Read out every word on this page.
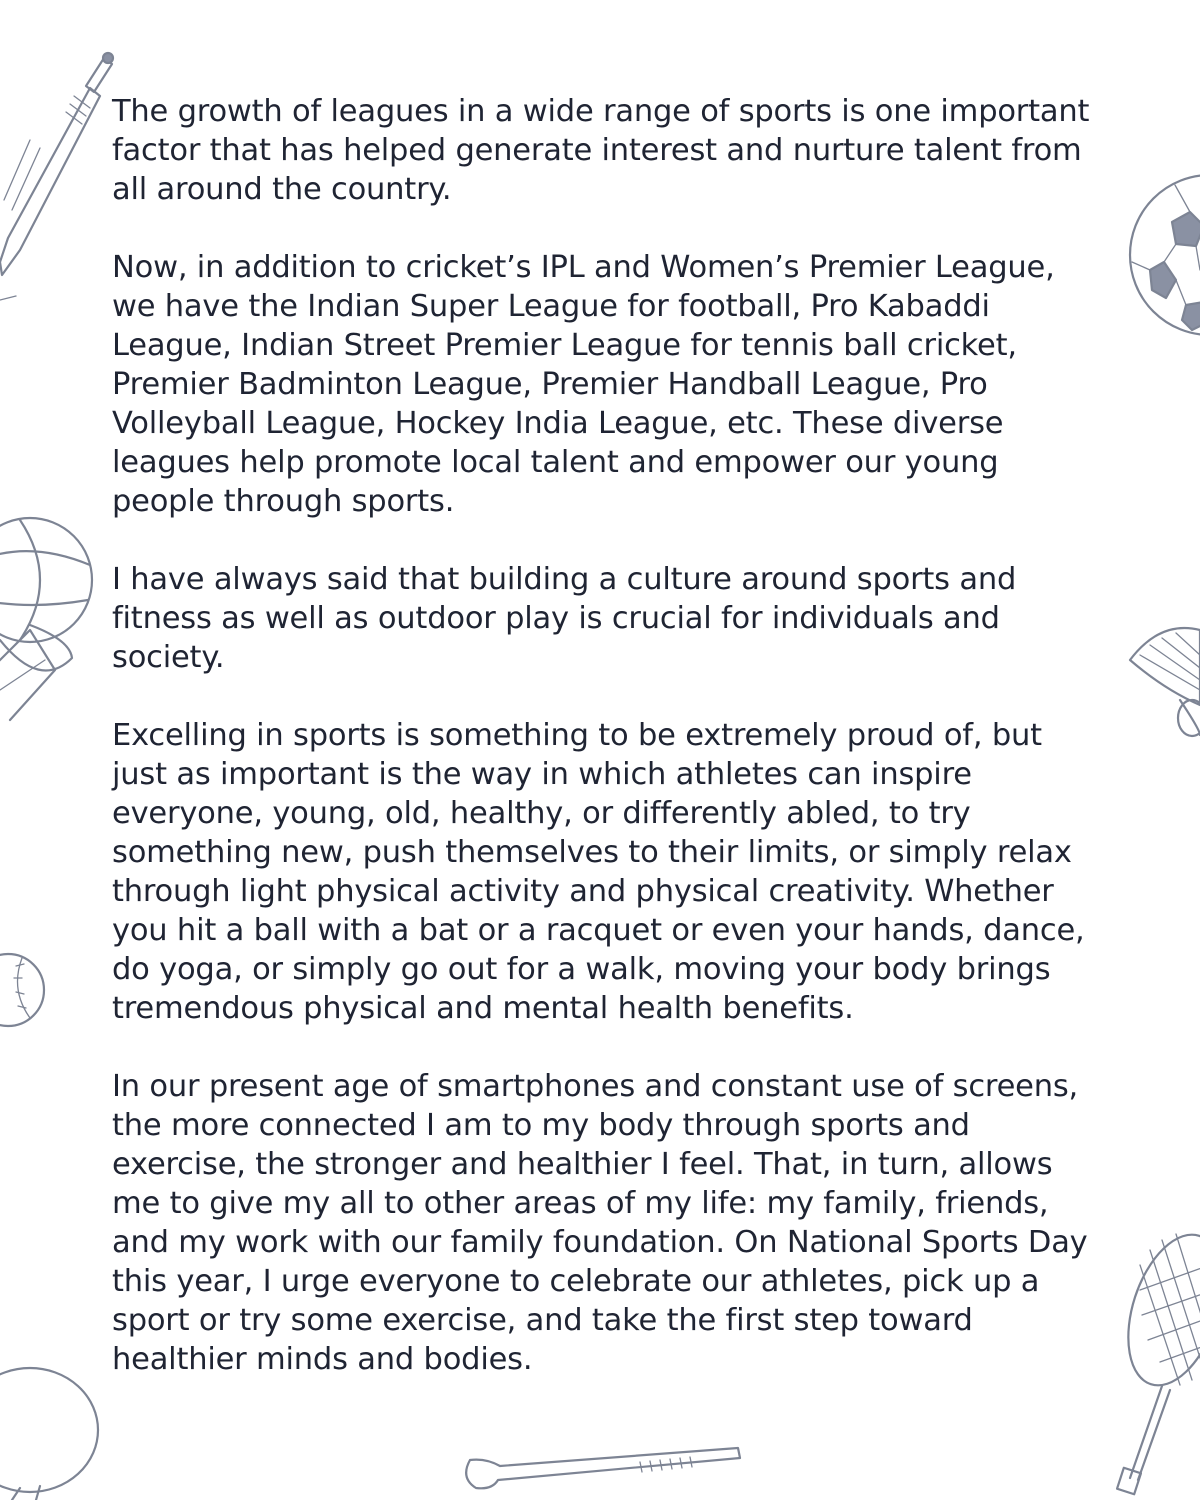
The growth of leagues in a wide range of sports is one important factor that has helped generate interest and nurture talent from all around the country.

Now, in addition to cricket’s IPL and Women’s Premier League, we have the Indian Super League for football, Pro Kabaddi League, Indian Street Premier League for tennis ball cricket, Premier Badminton League, Premier Handball League, Pro Volleyball League, Hockey India League, etc. These diverse leagues help promote local talent and empower our young people through sports.

I have always said that building a culture around sports and fitness as well as outdoor play is crucial for individuals and society.

Excelling in sports is something to be extremely proud of, but just as important is the way in which athletes can inspire everyone, young, old, healthy, or differently abled, to try something new, push themselves to their limits, or simply relax through light physical activity and physical creativity. Whether you hit a ball with a bat or a racquet or even your hands, dance, do yoga, or simply go out for a walk, moving your body brings tremendous physical and mental health benefits.

In our present age of smartphones and constant use of screens, the more connected I am to my body through sports and exercise, the stronger and healthier I feel. That, in turn, allows me to give my all to other areas of my life: my family, friends, and my work with our family foundation. On National Sports Day this year, I urge everyone to celebrate our athletes, pick up a sport or try some exercise, and take the first step toward healthier minds and bodies.
